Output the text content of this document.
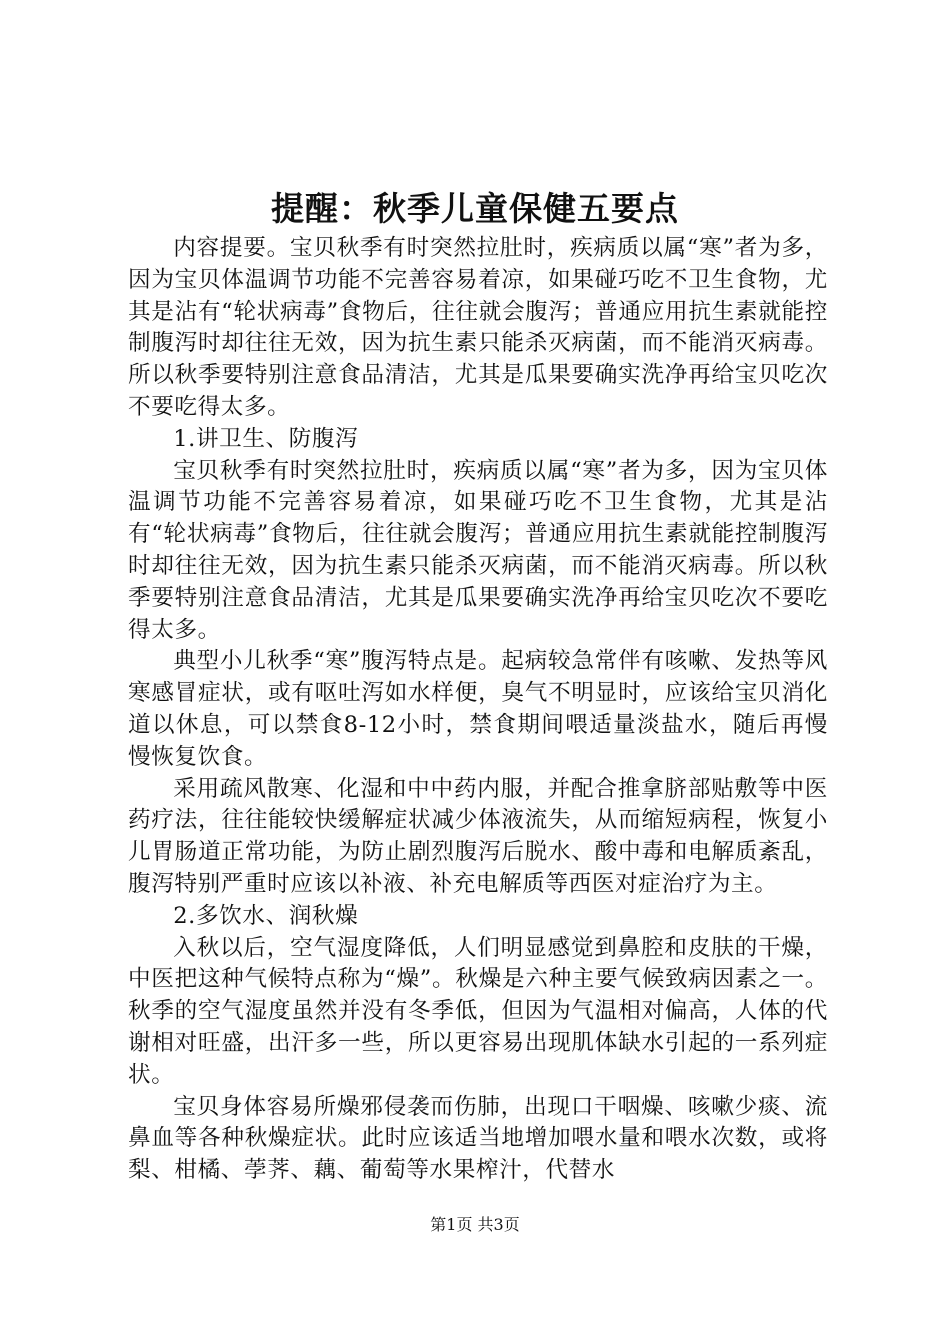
提醒：秋季儿童保健五要点

内容提要。宝贝秋季有时突然拉肚时，疾病质以属“寒”者为多，因为宝贝体温调节功能不完善容易着凉，如果碰巧吃不卫生食物，尤其是沾有“轮状病毒”食物后，往往就会腹泻；普通应用抗生素就能控制腹泻时却往往无效，因为抗生素只能杀灭病菌，而不能消灭病毒。所以秋季要特别注意食品清洁，尤其是瓜果要确实洗净再给宝贝吃次不要吃得太多。

1.讲卫生、防腹泻

宝贝秋季有时突然拉肚时，疾病质以属“寒”者为多，因为宝贝体温调节功能不完善容易着凉，如果碰巧吃不卫生食物，尤其是沾有“轮状病毒”食物后，往往就会腹泻；普通应用抗生素就能控制腹泻时却往往无效，因为抗生素只能杀灭病菌，而不能消灭病毒。所以秋季要特别注意食品清洁，尤其是瓜果要确实洗净再给宝贝吃次不要吃得太多。

典型小儿秋季“寒”腹泻特点是。起病较急常伴有咳嗽、发热等风寒感冒症状，或有呕吐泻如水样便，臭气不明显时，应该给宝贝消化道以休息，可以禁食8-12小时，禁食期间喂适量淡盐水，随后再慢慢恢复饮食。

采用疏风散寒、化湿和中中药内服，并配合推拿脐部贴敷等中医药疗法，往往能较快缓解症状减少体液流失，从而缩短病程，恢复小儿胃肠道正常功能，为防止剧烈腹泻后脱水、酸中毒和电解质紊乱，腹泻特别严重时应该以补液、补充电解质等西医对症治疗为主。

2.多饮水、润秋燥

入秋以后，空气湿度降低，人们明显感觉到鼻腔和皮肤的干燥，中医把这种气候特点称为“燥”。秋燥是六种主要气候致病因素之一。秋季的空气湿度虽然并没有冬季低，但因为气温相对偏高，人体的代谢相对旺盛，出汗多一些，所以更容易出现肌体缺水引起的一系列症状。

宝贝身体容易所燥邪侵袭而伤肺，出现口干咽燥、咳嗽少痰、流鼻血等各种秋燥症状。此时应该适当地增加喂水量和喂水次数，或将梨、柑橘、荸荠、藕、葡萄等水果榨汁，代替水

第1页 共3页
